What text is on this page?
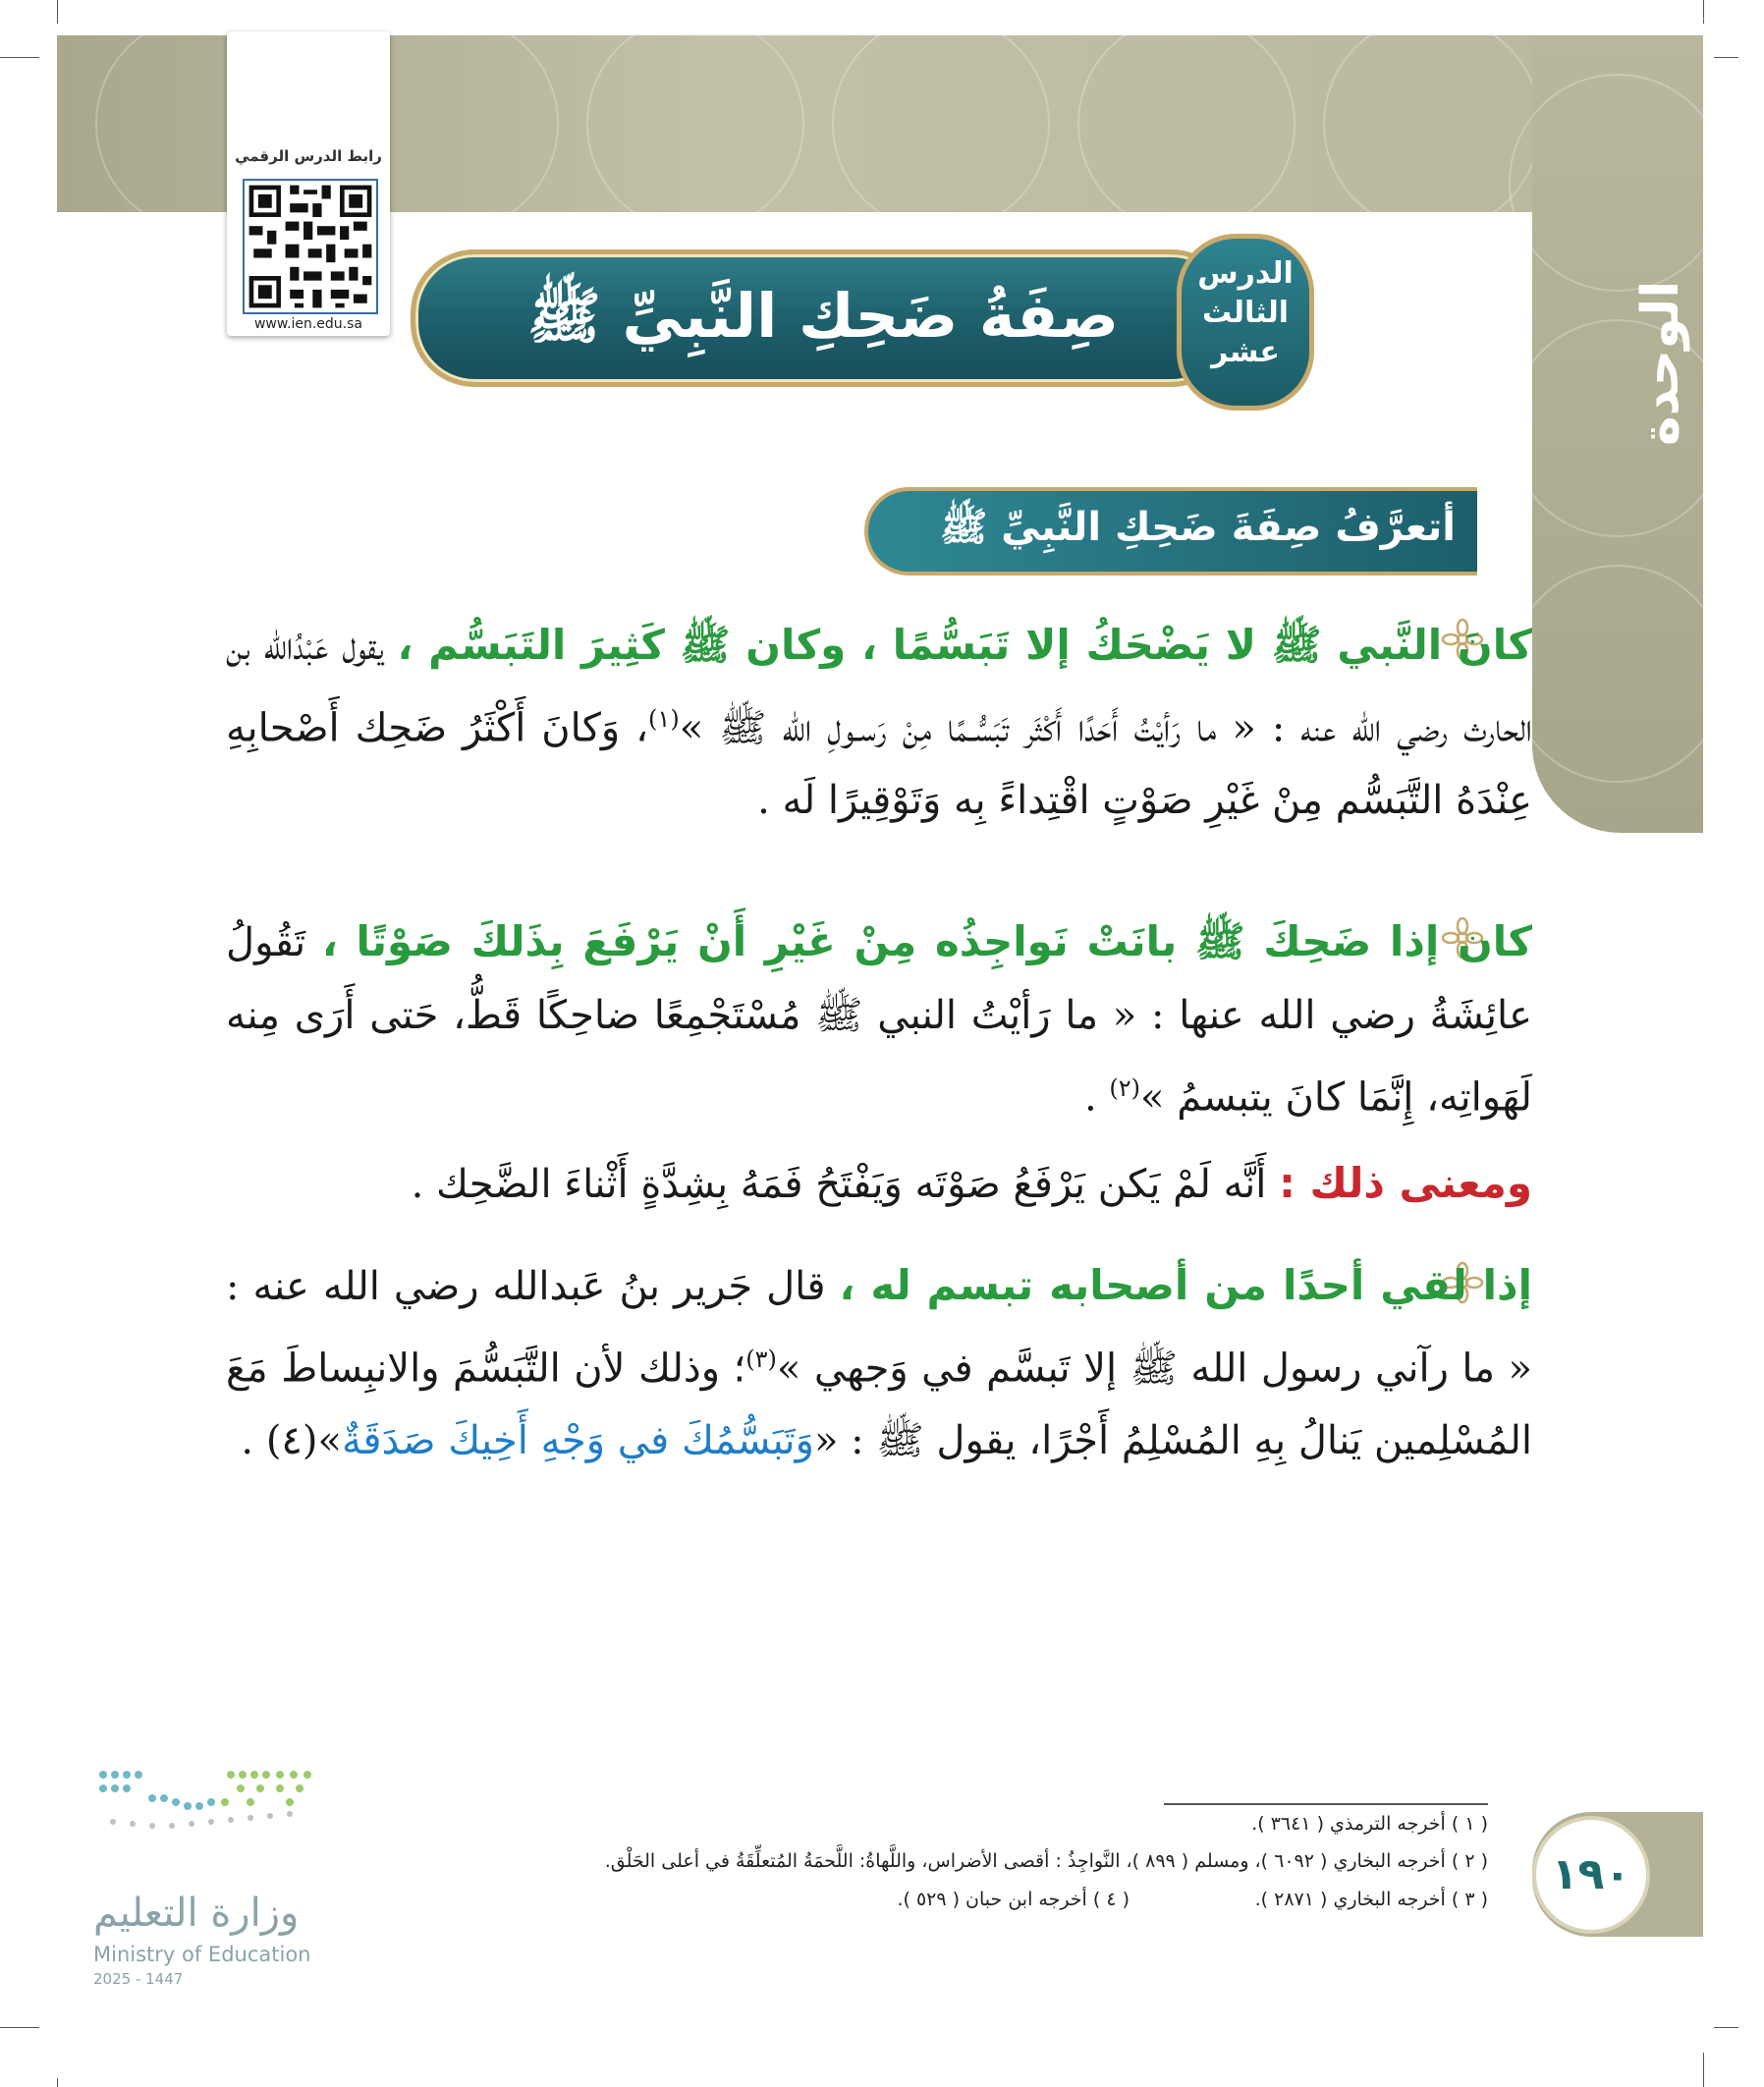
الوحدة الثانية
رابط الدرس الرقمي
www.ien.edu.sa	صِفَةُ ضَحِكِ النَّبِيِّ ﷺ
الدرس
الثالث
عشر
أتعرَّفُ صِفَةَ ضَحِكِ النَّبِيِّ ﷺ
كانَ النَّبي ﷺ لا يَضْحَكُ إلا تَبَسُّمًا ، وكان ﷺ كَثِيرَ التَبَسُّم ، يقول عَبْدُالله بن الحارث رضي الله عنه : « ما رَأيْتُ أَحَدًا أَكْثَر تَبَسُّـمًا مِنْ رَسـولِ الله ﷺ »$^{(١)}$، وَكانَ أَكْثَرُ ضَحِك أَصْحابِهِ عِنْدَهُ التَّبَسُّم مِنْ غَيْرِ صَوْتٍ اقْتِداءً بِه وَتَوْقِيرًا لَه .
كان إذا ضَحِكَ ﷺ بانَتْ نَواجِذُه مِنْ غَيْرِ أَنْ يَرْفَعَ بِذَلكَ صَوْتًا ، تَقُولُ عائِشَةُ رضي الله عنها : « ما رَأيْتُ النبي ﷺ مُسْتَجْمِعًا ضاحِكًا قَطُّ، حَتى أَرَى مِنه لَهَواتِه، إِنَّمَا كانَ يتبسمُ »$^{(٢)}$ .
ومعنى ذلك : أَنَّه لَمْ يَكن يَرْفَعُ صَوْتَه وَيَفْتَحُ فَمَهُ بِشِدَّةٍ أَثْناءَ الضَّحِك .
إذا لقي أحدًا من أصحابه تبسم له ، قال جَرير بنُ عَبدالله رضي الله عنه : « ما رآني رسول الله ﷺ إلا تَبسَّم في وَجهي »$^{(٣)}$؛ وذلك لأن التَّبَسُّمَ والانبِساطَ مَعَ المُسْلِمين يَنالُ بِهِ المُسْلِمُ أَجْرًا، يقول ﷺ : «وَتَبَسُّمُكَ في وَجْهِ أَخِيكَ صَدَقَةٌ»(٤) .
( ١ ) أخرجه الترمذي ( ٣٦٤١ ).
( ٢ ) أخرجه البخاري ( ٦٠٩٢ )، ومسلم ( ٨٩٩ )، النَّواجِذُ : أقصى الأضراس، واللَّهاةُ: اللَّحمَةُ المُتعلِّقَةُ في أعلى الحَلْق.
( ٣ ) أخرجه البخاري ( ٢٨٧١ ).
( ٤ ) أخرجه ابن حبان ( ٥٢٩ ).	١٩٠
وزارة التعليم
Ministry of Education
2025 - 1447
